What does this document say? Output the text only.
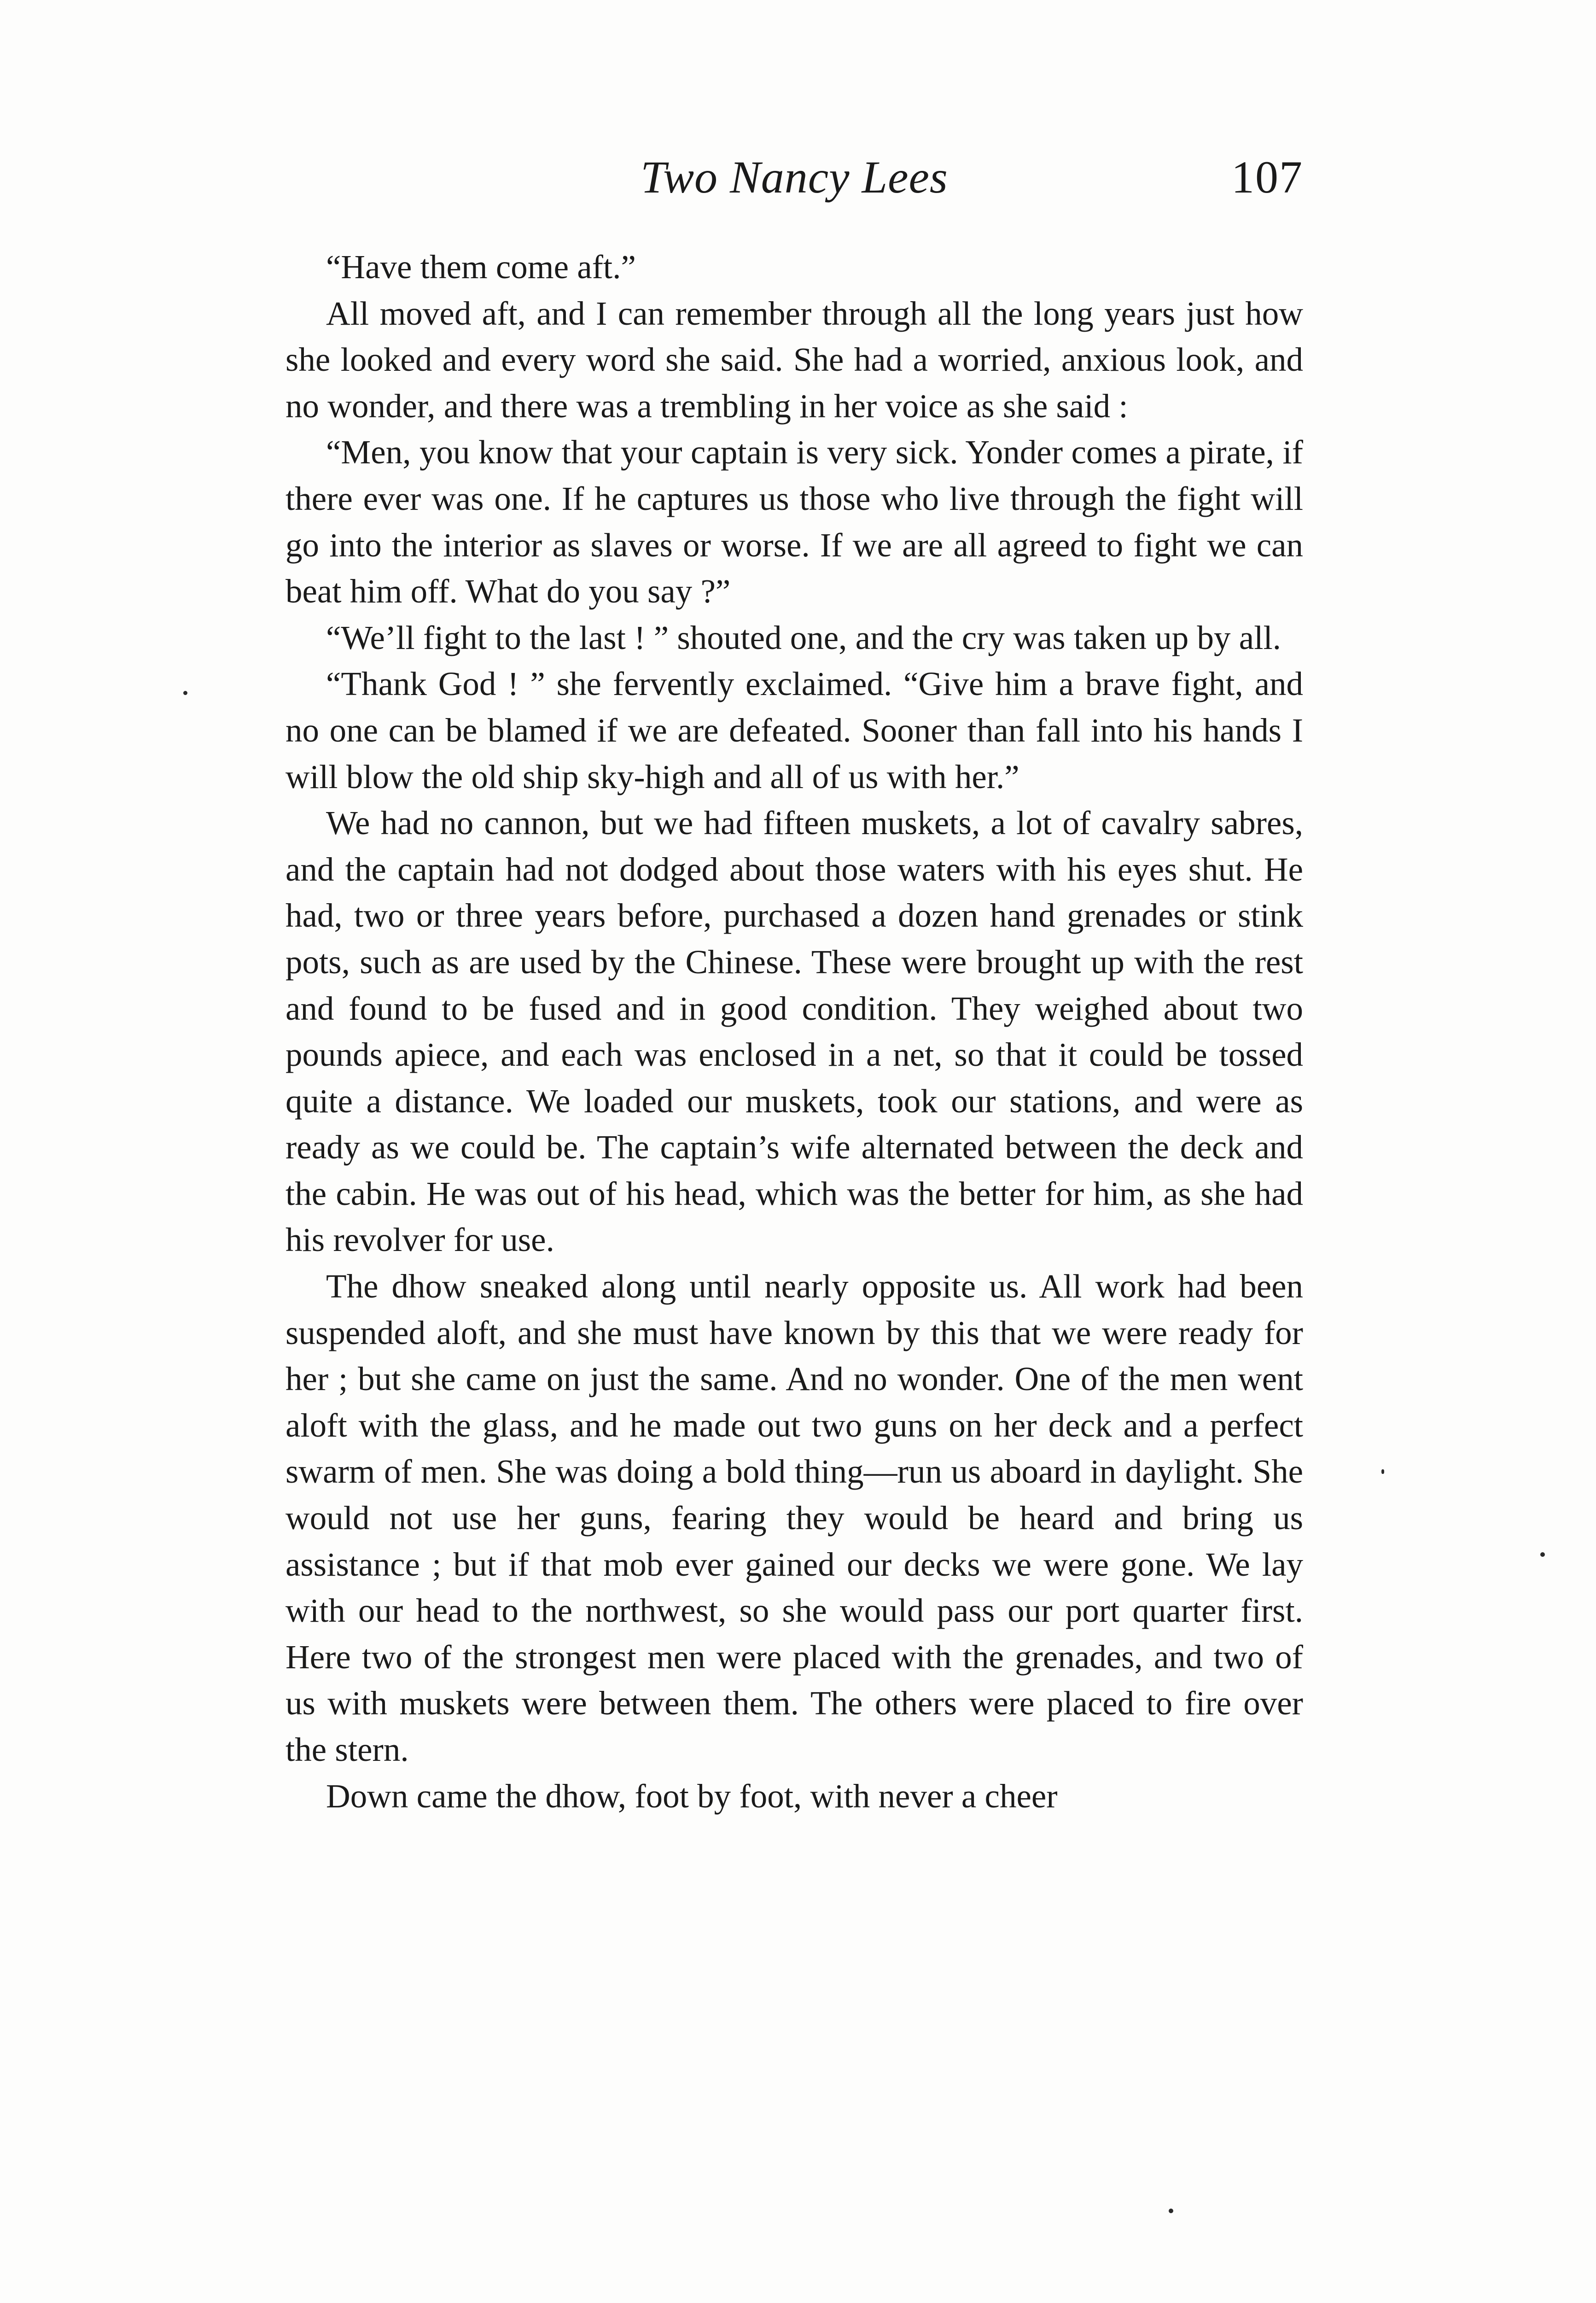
Two Nancy Lees	107

“Have them come aft.”

All moved aft, and I can remember through all the long years just how she looked and every word she said. She had a worried, anxious look, and no wonder, and there was a trembling in her voice as she said :

“Men, you know that your captain is very sick. Yonder comes a pirate, if there ever was one. If he captures us those who live through the fight will go into the interior as slaves or worse. If we are all agreed to fight we can beat him off. What do you say ?”

“We’ll fight to the last ! ” shouted one, and the cry was taken up by all.

“Thank God ! ” she fervently exclaimed. “Give him a brave fight, and no one can be blamed if we are defeated. Sooner than fall into his hands I will blow the old ship sky-high and all of us with her.”

We had no cannon, but we had fifteen muskets, a lot of cavalry sabres, and the captain had not dodged about those waters with his eyes shut. He had, two or three years before, purchased a dozen hand grenades or stink pots, such as are used by the Chinese. These were brought up with the rest and found to be fused and in good condition. They weighed about two pounds apiece, and each was enclosed in a net, so that it could be tossed quite a distance. We loaded our muskets, took our stations, and were as ready as we could be. The captain’s wife alternated between the deck and the cabin. He was out of his head, which was the better for him, as she had his revolver for use.

The dhow sneaked along until nearly opposite us. All work had been suspended aloft, and she must have known by this that we were ready for her ; but she came on just the same. And no wonder. One of the men went aloft with the glass, and he made out two guns on her deck and a perfect swarm of men. She was doing a bold thing—run us aboard in daylight. She would not use her guns, fearing they would be heard and bring us assistance ; but if that mob ever gained our decks we were gone. We lay with our head to the northwest, so she would pass our port quarter first. Here two of the strongest men were placed with the grenades, and two of us with muskets were between them. The others were placed to fire over the stern.

Down came the dhow, foot by foot, with never a cheer
